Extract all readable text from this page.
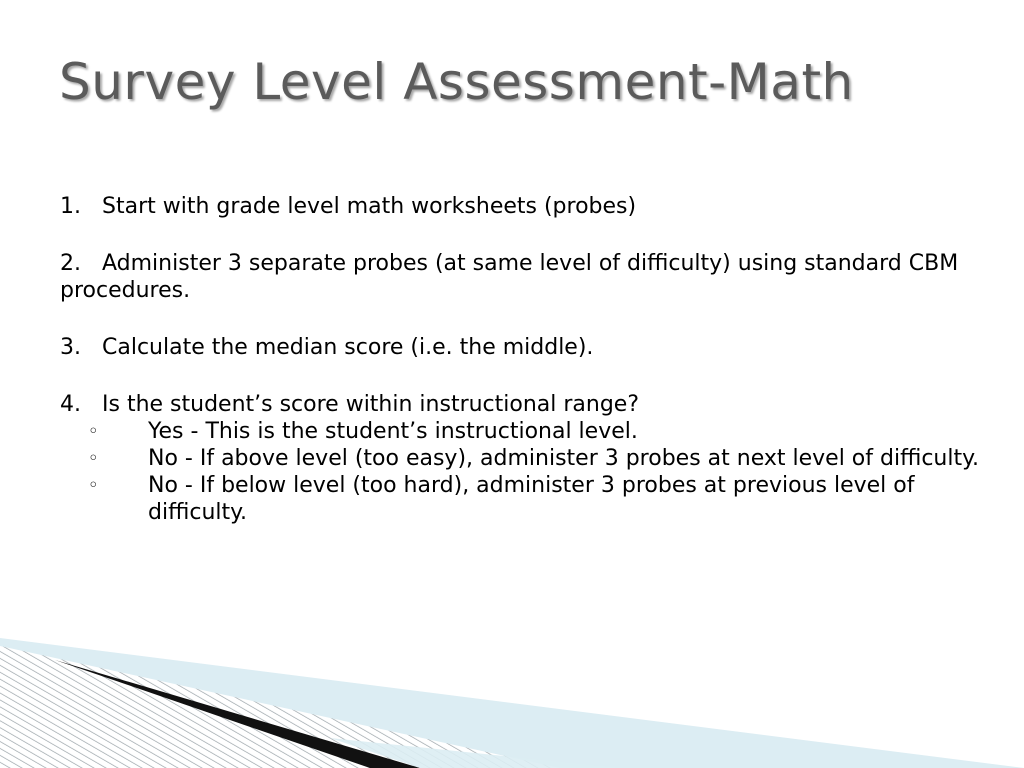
Survey Level Assessment-Math

1. Start with grade level math worksheets (probes)

2. Administer 3 separate probes (at same level of difficulty) using standard CBM procedures.

3. Calculate the median score (i.e. the middle).

4. Is the student’s score within instructional range?

◦ Yes - This is the student’s instructional level.
◦ No - If above level (too easy), administer 3 probes at next level of difficulty.
◦ No - If below level (too hard), administer 3 probes at previous level of difficulty.
